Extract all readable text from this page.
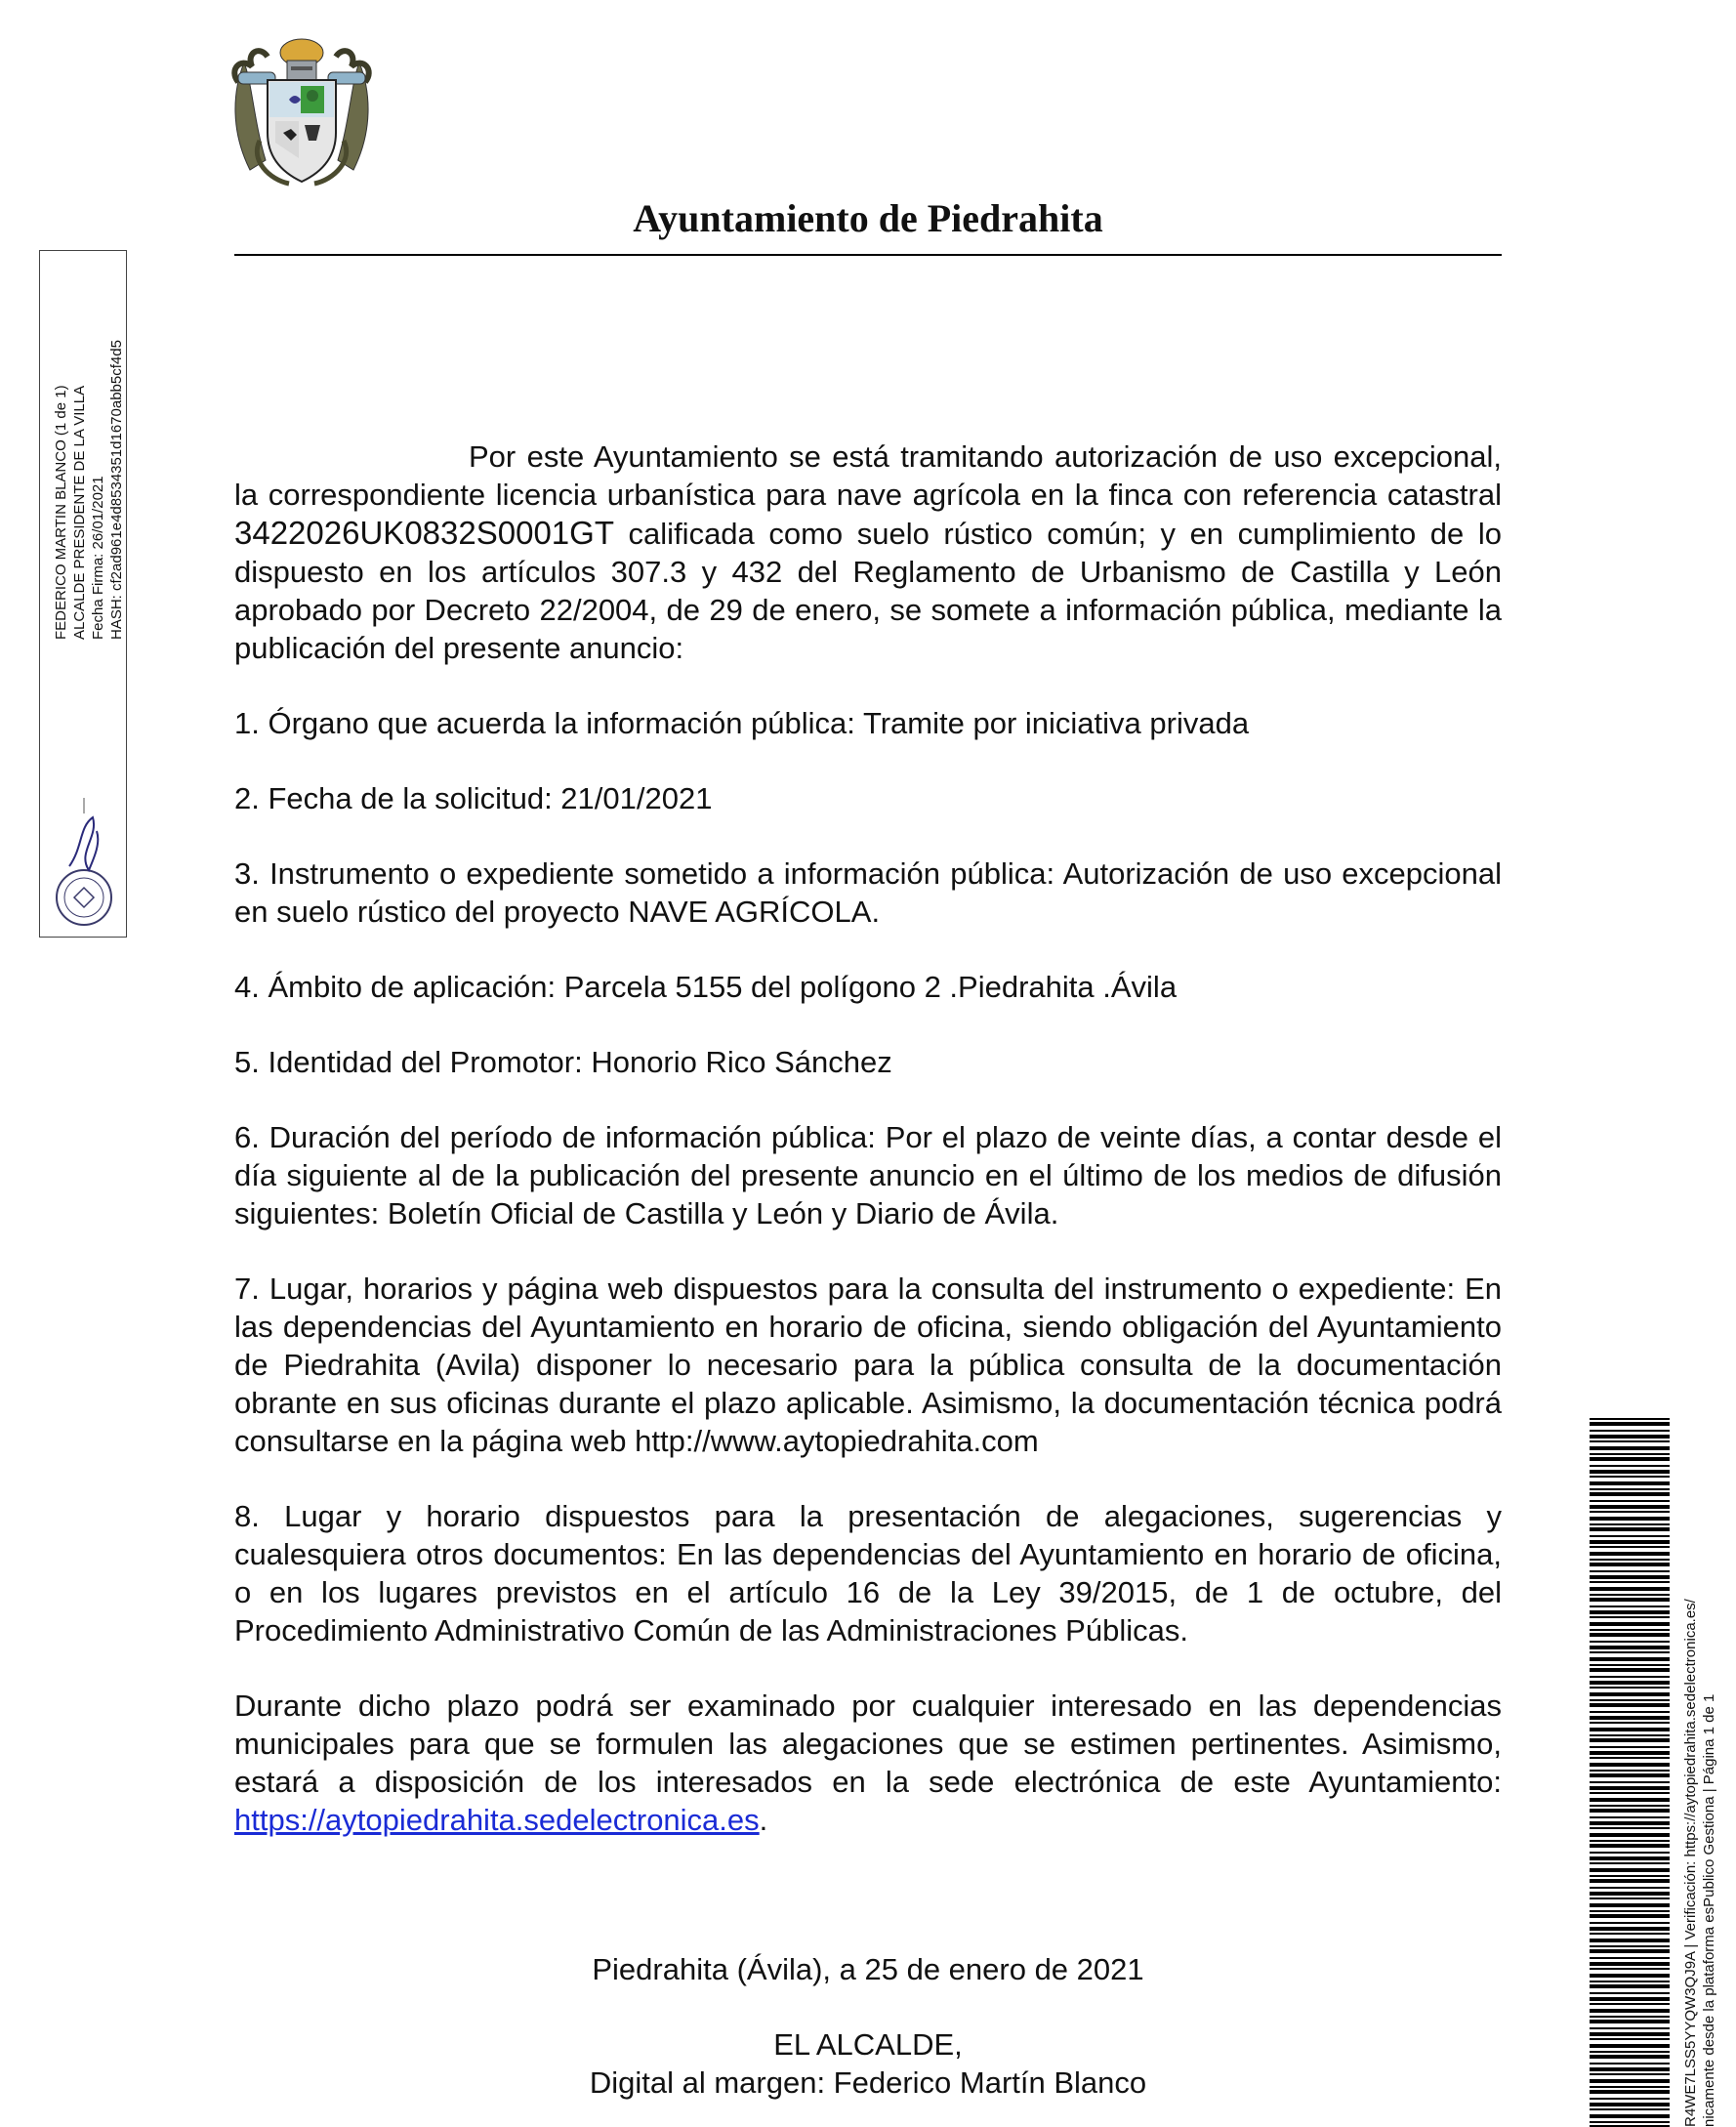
Ayuntamiento de Piedrahita
FEDERICO MARTIN BLANCO (1 de 1) ALCALDE PRESIDENTE DE LA VILLA Fecha Firma: 26/01/2021 HASH: cf2ad961e4d8534351d1670abb5cf4d5	Por este Ayuntamiento se está tramitando autorización de uso excepcional, la correspondiente licencia urbanística para nave agrícola en la finca con referencia catastral 3422026UK0832S0001GT calificada como suelo rústico común; y en cumplimiento de lo dispuesto en los artículos 307.3 y 432 del Reglamento de Urbanismo de Castilla y León aprobado por Decreto 22/2004, de 29 de enero, se somete a información pública, mediante la publicación del presente anuncio:

1. Órgano que acuerda la información pública: Tramite por iniciativa privada

2. Fecha de la solicitud: 21/01/2021

3. Instrumento o expediente sometido a información pública: Autorización de uso excepcional en suelo rústico del proyecto NAVE AGRÍCOLA.

4. Ámbito de aplicación: Parcela 5155 del polígono 2 .Piedrahita .Ávila

5. Identidad del Promotor: Honorio Rico Sánchez

6. Duración del período de información pública: Por el plazo de veinte días, a contar desde el día siguiente al de la publicación del presente anuncio en el último de los medios de difusión siguientes: Boletín Oficial de Castilla y León y Diario de Ávila.

7. Lugar, horarios y página web dispuestos para la consulta del instrumento o expediente: En las dependencias del Ayuntamiento en horario de oficina, siendo obligación del Ayuntamiento de Piedrahita (Avila) disponer lo necesario para la pública consulta de la documentación obrante en sus oficinas durante el plazo aplicable. Asimismo, la documentación técnica podrá consultarse en la página web http://www.aytopiedrahita.com

8. Lugar y horario dispuestos para la presentación de alegaciones, sugerencias y cualesquiera otros documentos: En las dependencias del Ayuntamiento en horario de oficina, o en los lugares previstos en el artículo 16 de la Ley 39/2015, de 1 de octubre, del Procedimiento Administrativo Común de las Administraciones Públicas.

Durante dicho plazo podrá ser examinado por cualquier interesado en las dependencias municipales para que se formulen las alegaciones que se estimen pertinentes. Asimismo, estará a disposición de los interesados en la sede electrónica de este Ayuntamiento: https://aytopiedrahita.sedelectronica.es.

Piedrahita (Ávila), a 25 de enero de 2021
EL ALCALDE,
Digital al margen: Federico Martín Blanco	R4WE7LSS5YYQW3QJ9A | Verificación: https://aytopiedrahita.sedelectronica.es/ nicamente desde la plataforma esPublico Gestiona | Página 1 de 1
